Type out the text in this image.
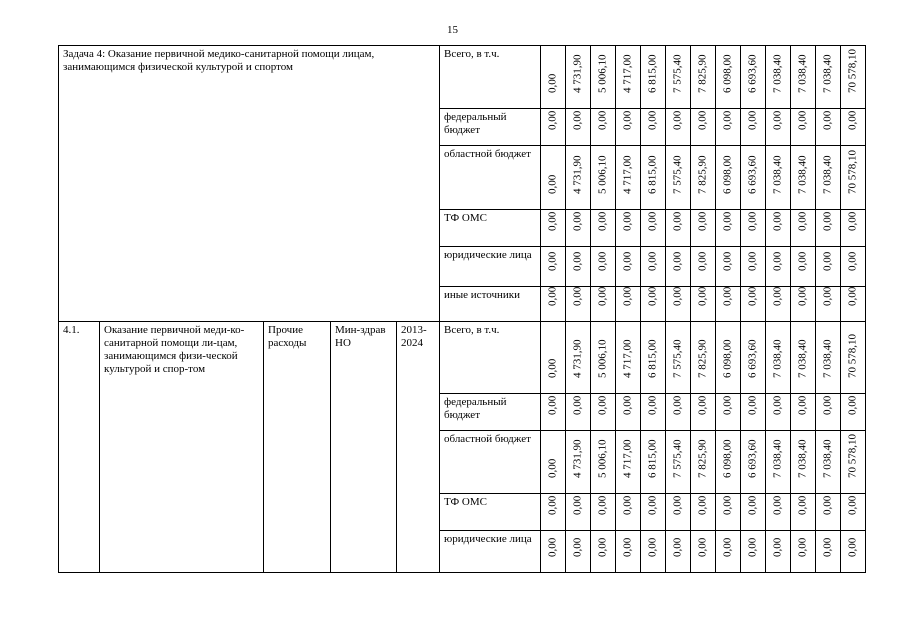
15
Задача 4: Оказание первичной медико-санитарной помощи лицам, занимающимся физической культурой и спортом					Всего, в т.ч.	0,00	4 731,90	5 006,10	4 717,00	6 815,00	7 575,40	7 825,90	6 098,00	6 693,60	7 038,40	7 038,40	7 038,40	70 578,10

					федеральный бюджет	0,00	0,00	0,00	0,00	0,00	0,00	0,00	0,00	0,00	0,00	0,00	0,00	0,00

					областной бюджет	0,00	4 731,90	5 006,10	4 717,00	6 815,00	7 575,40	7 825,90	6 098,00	6 693,60	7 038,40	7 038,40	7 038,40	70 578,10

					ТФ ОМС	0,00	0,00	0,00	0,00	0,00	0,00	0,00	0,00	0,00	0,00	0,00	0,00	0,00

					юридические лица	0,00	0,00	0,00	0,00	0,00	0,00	0,00	0,00	0,00	0,00	0,00	0,00	0,00

					иные источники	0,00	0,00	0,00	0,00	0,00	0,00	0,00	0,00	0,00	0,00	0,00	0,00	0,00

4.1.	Оказание первичной меди-ко-санитарной помощи ли-цам, занимающимся физи-ческой культурой и спор-том	Прочие расходы	Мин-здрав НО	2013-2024	Всего, в т.ч.	0,00	4 731,90	5 006,10	4 717,00	6 815,00	7 575,40	7 825,90	6 098,00	6 693,60	7 038,40	7 038,40	7 038,40	70 578,10

					федеральный бюджет	0,00	0,00	0,00	0,00	0,00	0,00	0,00	0,00	0,00	0,00	0,00	0,00	0,00

					областной бюджет	0,00	4 731,90	5 006,10	4 717,00	6 815,00	7 575,40	7 825,90	6 098,00	6 693,60	7 038,40	7 038,40	7 038,40	70 578,10

					ТФ ОМС	0,00	0,00	0,00	0,00	0,00	0,00	0,00	0,00	0,00	0,00	0,00	0,00	0,00

					юридические лица	0,00	0,00	0,00	0,00	0,00	0,00	0,00	0,00	0,00	0,00	0,00	0,00	0,00
